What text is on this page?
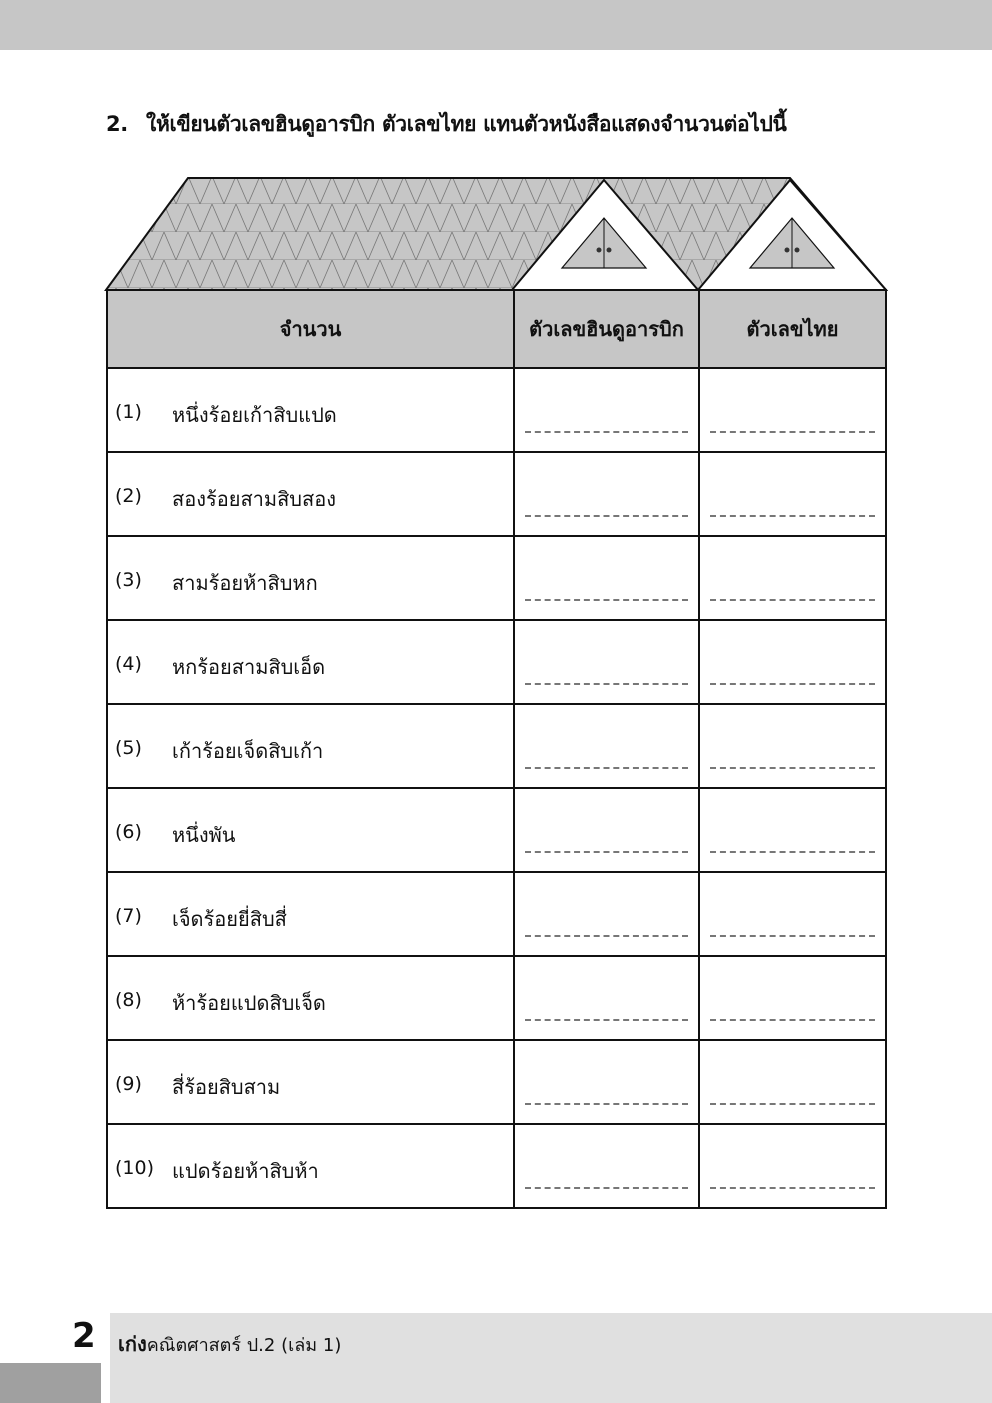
2. ให้เขียนตัวเลขฮินดูอารบิก ตัวเลขไทย แทนตัวหนังสือแสดงจำนวนต่อไปนี้
จำนวน	ตัวเลขฮินดูอารบิก	ตัวเลขไทย

(1) หนึ่งร้อยเก้าสิบแปด		

(2) สองร้อยสามสิบสอง		

(3) สามร้อยห้าสิบหก		

(4) หกร้อยสามสิบเอ็ด		

(5) เก้าร้อยเจ็ดสิบเก้า		

(6) หนึ่งพัน		

(7) เจ็ดร้อยยี่สิบสี่		

(8) ห้าร้อยแปดสิบเจ็ด		

(9) สี่ร้อยสิบสาม		

(10) แปดร้อยห้าสิบห้า		

2 เก่งคณิตศาสตร์ ป.2 (เล่ม 1)
